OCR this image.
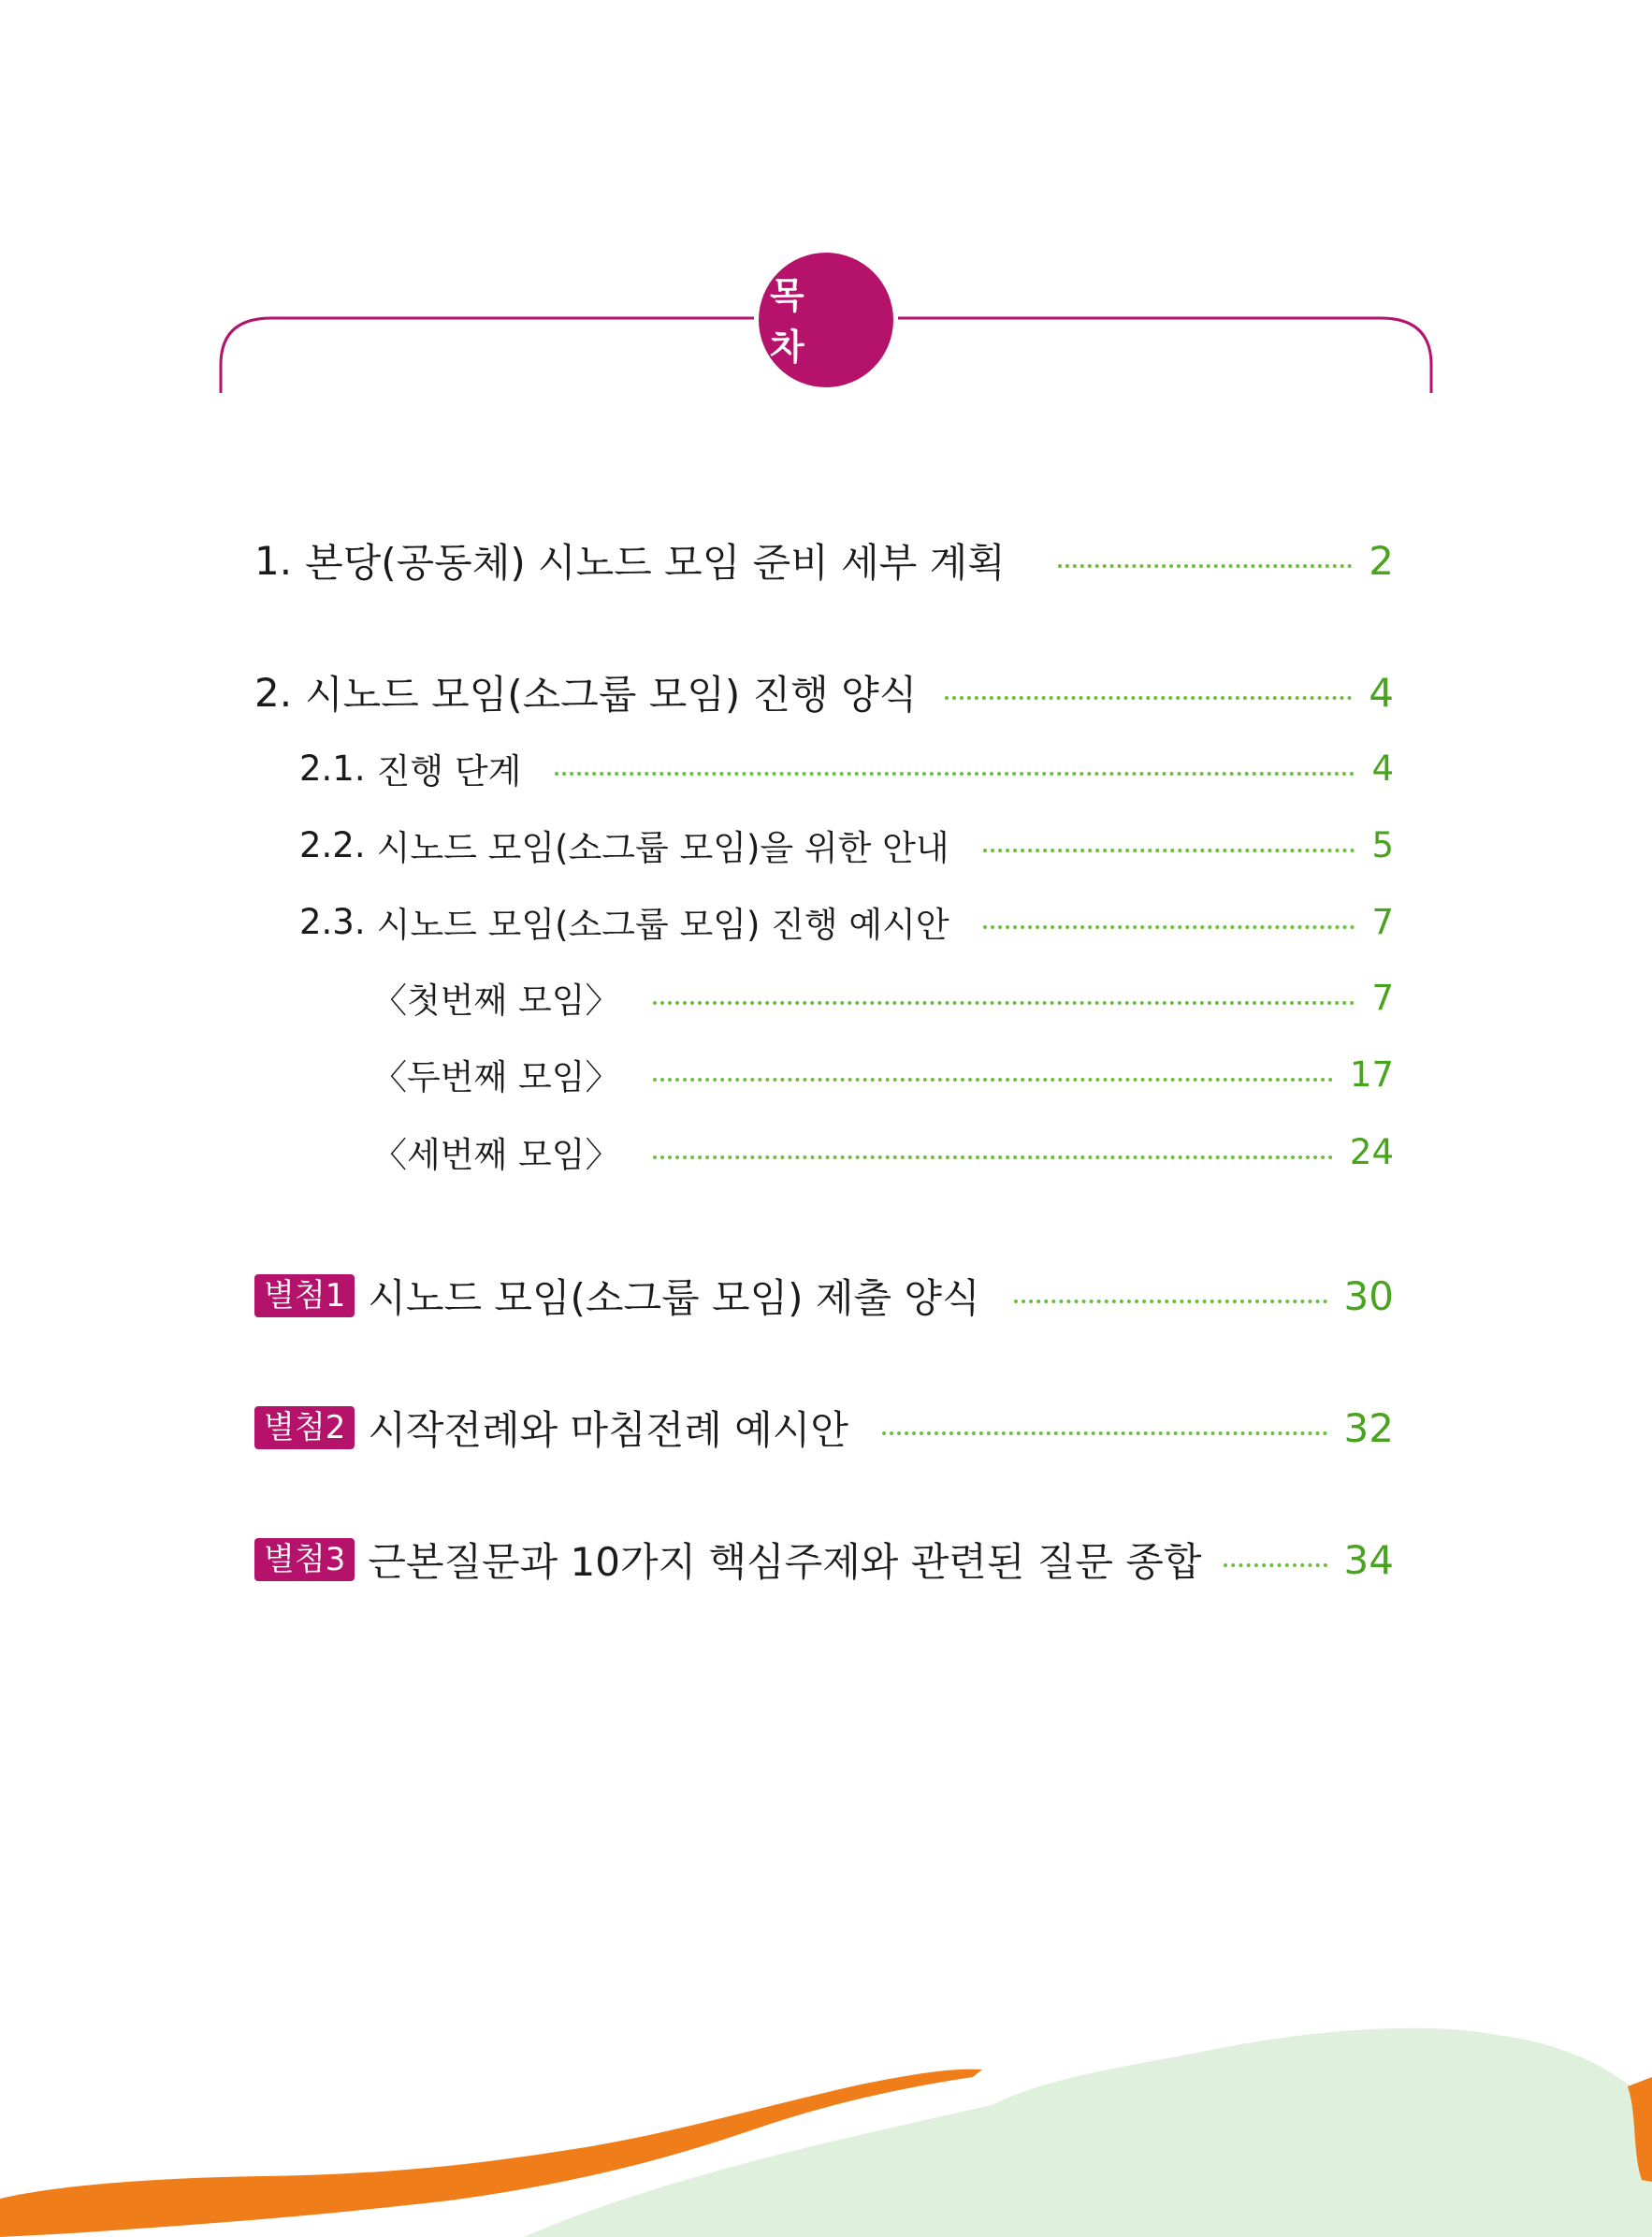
목 차
1. 본당(공동체) 시노드 모임 준비 세부 계획	2
2. 시노드 모임(소그룹 모임) 진행 양식	4
2.1. 진행 단계	4
2.2. 시노드 모임(소그룹 모임)을 위한 안내	5
2.3. 시노드 모임(소그룹 모임) 진행 예시안	7
〈첫번째 모임〉	7
〈두번째 모임〉	17
〈세번째 모임〉	24
별첨1 시노드 모임(소그룹 모임) 제출 양식	30
별첨2 시작전례와 마침전례 예시안	32
별첨3 근본질문과 10가지 핵심주제와 관련된 질문 종합	34
